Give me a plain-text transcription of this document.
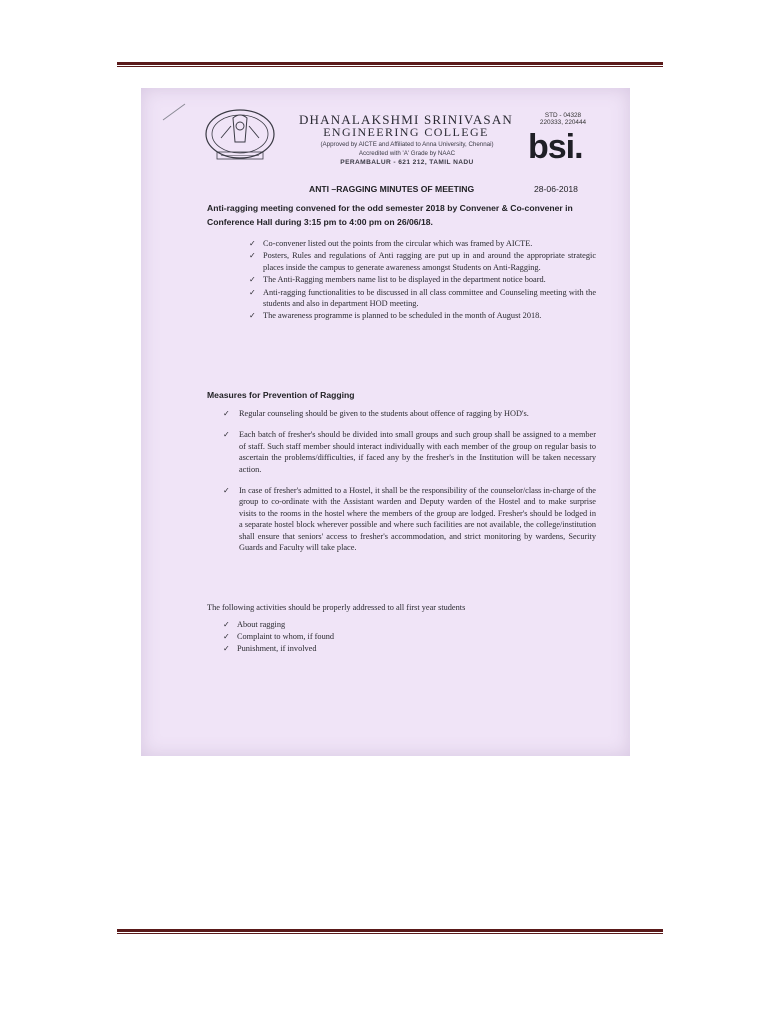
DHANALAKSHMI SRINIVASAN
ENGINEERING COLLEGE
(Approved by AICTE and Affiliated to Anna University, Chennai)
Accredited with 'A' Grade by NAAC
PERAMBALUR - 621 212, TAMIL NADU
STD - 04328
220333, 220444
bsi.
ANTI –RAGGING MINUTES OF MEETING	28-06-2018
Anti-ragging meeting convened for the odd semester 2018 by Convener & Co-convener in Conference Hall during 3:15 pm to 4:00 pm on 26/06/18.
✓ Co-convener listed out the points from the circular which was framed by AICTE.
✓ Posters, Rules and regulations of Anti ragging are put up in and around the appropriate strategic places inside the campus to generate awareness amongst Students on Anti-Ragging.
✓ The Anti-Ragging members name list to be displayed in the department notice board.
✓ Anti-ragging functionalities to be discussed in all class committee and Counseling meeting with the students and also in department HOD meeting.
✓ The awareness programme is planned to be scheduled in the month of August 2018.
Measures for Prevention of Ragging
✓ Regular counseling should be given to the students about offence of ragging by HOD's.
✓ Each batch of fresher's should be divided into small groups and such group shall be assigned to a member of staff. Such staff member should interact individually with each member of the group on regular basis to ascertain the problems/difficulties, if faced any by the fresher's in the Institution will be taken necessary action.
✓ In case of fresher's admitted to a Hostel, it shall be the responsibility of the counselor/class in-charge of the group to co-ordinate with the Assistant warden and Deputy warden of the Hostel and to make surprise visits to the rooms in the hostel where the members of the group are lodged. Fresher's should be lodged in a separate hostel block wherever possible and where such facilities are not available, the college/institution shall ensure that seniors' access to fresher's accommodation, and strict monitoring by wardens, Security Guards and Faculty will take place.
The following activities should be properly addressed to all first year students
✓ About ragging
✓ Complaint to whom, if found
✓ Punishment, if involved
